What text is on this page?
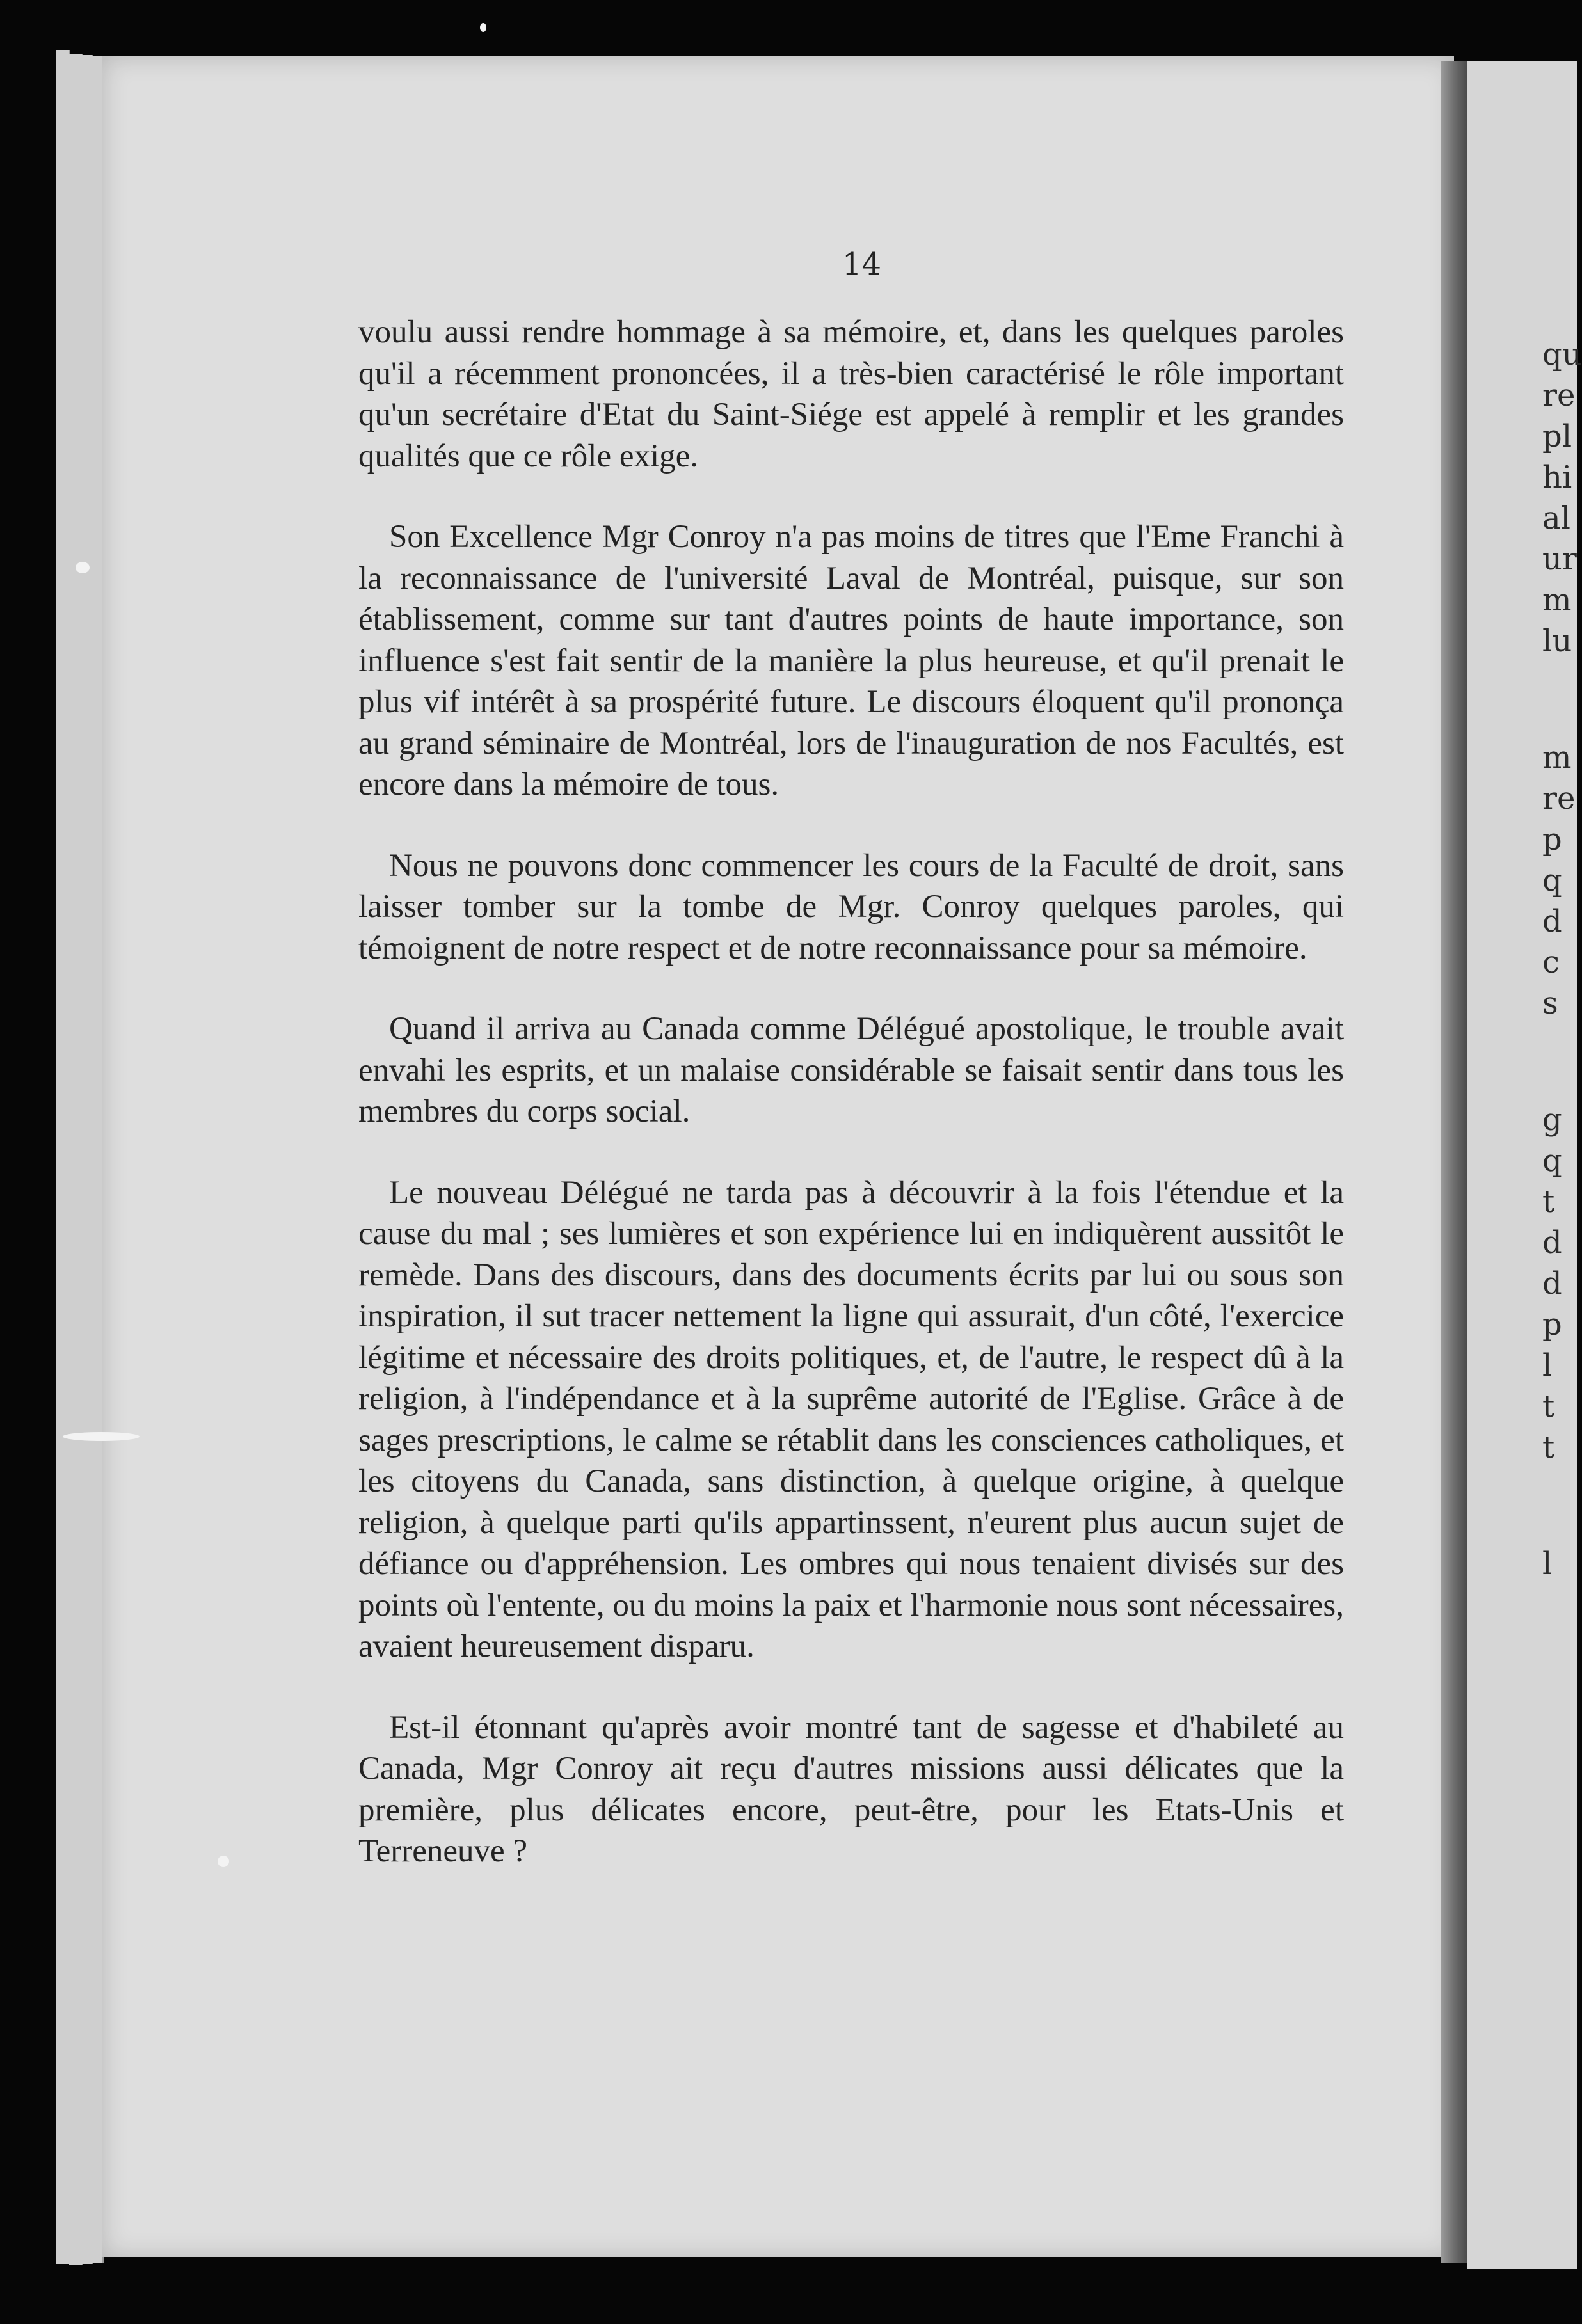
qu
re
pl
hi
al
ur
m
lu
m
re
p
q
d
c
s
g
q
t
d
d
p
l
t
t
l
14

voulu aussi rendre hommage à sa mémoire, et, dans les quelques paroles qu'il a récemment prononcées, il a très-bien caractérisé le rôle important qu'un secrétaire d'Etat du Saint-Siége est appelé à remplir et les grandes qualités que ce rôle exige.

Son Excellence Mgr Conroy n'a pas moins de titres que l'Eme Franchi à la reconnaissance de l'université Laval de Montréal, puisque, sur son établissement, comme sur tant d'autres points de haute importance, son influence s'est fait sentir de la manière la plus heureuse, et qu'il prenait le plus vif intérêt à sa prospérité future. Le discours éloquent qu'il prononça au grand séminaire de Montréal, lors de l'inauguration de nos Facultés, est encore dans la mémoire de tous.

Nous ne pouvons donc commencer les cours de la Faculté de droit, sans laisser tomber sur la tombe de Mgr. Conroy quelques paroles, qui témoignent de notre respect et de notre reconnaissance pour sa mémoire.

Quand il arriva au Canada comme Délégué apostolique, le trouble avait envahi les esprits, et un malaise considérable se faisait sentir dans tous les membres du corps social.

Le nouveau Délégué ne tarda pas à découvrir à la fois l'étendue et la cause du mal ; ses lumières et son expérience lui en indiquèrent aussitôt le remède. Dans des discours, dans des documents écrits par lui ou sous son inspiration, il sut tracer nettement la ligne qui assurait, d'un côté, l'exercice légitime et nécessaire des droits politiques, et, de l'autre, le respect dû à la religion, à l'indépendance et à la suprême autorité de l'Eglise. Grâce à de sages prescriptions, le calme se rétablit dans les consciences catholiques, et les citoyens du Canada, sans distinction, à quelque origine, à quelque religion, à quelque parti qu'ils appartinssent, n'eurent plus aucun sujet de défiance ou d'appréhension. Les ombres qui nous tenaient divisés sur des points où l'entente, ou du moins la paix et l'harmonie nous sont nécessaires, avaient heureusement disparu.

Est-il étonnant qu'après avoir montré tant de sagesse et d'habileté au Canada, Mgr Conroy ait reçu d'autres missions aussi délicates que la première, plus délicates encore, peut-être, pour les Etats-Unis et Terreneuve ?
